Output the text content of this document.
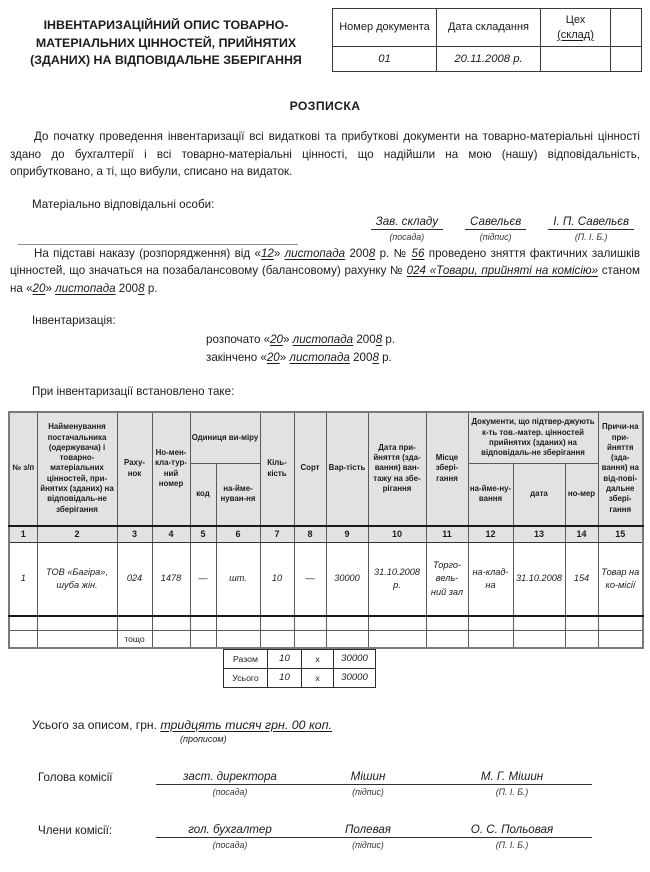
ІНВЕНТАРИЗАЦІЙНИЙ ОПИС ТОВАРНО-
МАТЕРІАЛЬНИХ ЦІННОСТЕЙ, ПРИЙНЯТИХ
(ЗДАНИХ) НА ВІДПОВІДАЛЬНЕ ЗБЕРІГАННЯ
Номер документа	Дата складання	Цех
(склад)	
01	20.11.2008 р.		
РОЗПИСКА

До початку проведення інвентаризації всі видаткові та прибуткові документи на товарно-матеріальні цінності здано до бухгалтерії і всі товарно-матеріальні цінності, що надійшли на мою (нашу) відповідальність, оприбутковано, а ті, що вибули, списано на видаток.

Матеріально відповідальні особи:
Зав. складу
(посада)
Савельєв
(підпис)
І. П. Савельєв
(П. І. Б.)

На підставі наказу (розпорядження) від «12» листопада 2008 р. № 56 проведено зняття фактичних залишків цінностей, що значаться на позабалансовому (балансовому) рахунку № 024 «Товари, прийняті на комісію» станом на «20» листопада 2008 р.

Інвентаризація:
розпочато «20» листопада 2008 р.
закінчено «20» листопада 2008 р.
При інвентаризації встановлено таке:
№ з/п	Найменування постачальника (одержувача) і товарно-матеріальних цінностей, при-йнятих (зданих) на відповідаль-не зберігання	Раху-нок	Но-мен-кла-тур-ний номер	Одиниця ви-міру		Кіль-кість	Сорт	Вар-тість	Дата при-йняття (зда-вання) ван-тажу на збе-рігання	Місце збері-гання	Документи, що підтвер-джують к-ть тов.-матер. цінностей прийнятих (зданих) на відповідаль-не зберігання			Причи-на при-йняття (зда-вання) на від-пові-дальне збері-гання
				код	на-йме-нуван-ня						на-йме-ну-вання	дата	но-мер	
1	2	3	4	5	6	7	8	9	10	11	12	13	14	15
1	ТОВ «Багіра», шуба жін.	024	1478	—	шт.	10	—	30000	31.10.2008 р.	Торго-вель-ний зал	на-клад-на	31.10.2008	154	Товар на ко-місії

		тощо												
Разом	10	х	30000
Усього	10	х	30000
Усього за описом, грн. тридцять тисяч грн. 00 коп.
(прописом)
Голова комісії	заст. директора
(посада)
Мішин
(підпис)
М. Г. Мішин
(П. І. Б.)
Члени комісії:	гол. бухгалтер
(посада)
Полевая
(підпис)
О. С. Польовая
(П. І. Б.)
